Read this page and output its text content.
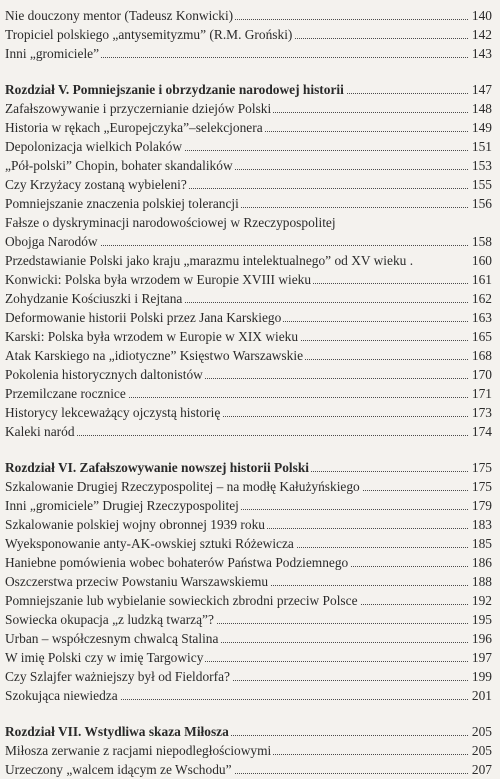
Nie douczony mentor (Tadeusz Konwicki)	140
Tropiciel polskiego „antysemityzmu” (R.M. Groński)	142
Inni „gromiciele”	143
Rozdział V. Pomniejszanie i obrzydzanie narodowej historii	147
Zafałszowywanie i przyczernianie dziejów Polski	148
Historia w rękach „Europejczyka”–selekcjonera	149
Depolonizacja wielkich Polaków	151
„Pół-polski” Chopin, bohater skandalików	153
Czy Krzyżacy zostaną wybieleni?	155
Pomniejszanie znaczenia polskiej tolerancji	156
Fałsze o dyskryminacji narodowościowej w Rzeczypospolitej
Obojga Narodów	158
Przedstawianie Polski jako kraju „marazmu intelektualnego” od XV wieku .	160
Konwicki: Polska była wrzodem w Europie XVIII wieku	161
Zohydzanie Kościuszki i Rejtana	162
Deformowanie historii Polski przez Jana Karskiego	163
Karski: Polska była wrzodem w Europie w XIX wieku	165
Atak Karskiego na „idiotyczne” Księstwo Warszawskie	168
Pokolenia historycznych daltonistów	170
Przemilczane rocznice	171
Historycy lekceważący ojczystą historię	173
Kaleki naród	174
Rozdział VI. Zafałszowywanie nowszej historii Polski	175
Szkalowanie Drugiej Rzeczypospolitej – na modłę Kałużyńskiego	175
Inni „gromiciele” Drugiej Rzeczypospolitej	179
Szkalowanie polskiej wojny obronnej 1939 roku	183
Wyeksponowanie anty-AK-owskiej sztuki Różewicza	185
Haniebne pomówienia wobec bohaterów Państwa Podziemnego	186
Oszczerstwa przeciw Powstaniu Warszawskiemu	188
Pomniejszanie lub wybielanie sowieckich zbrodni przeciw Polsce	192
Sowiecka okupacja „z ludzką twarzą”?	195
Urban – współczesnym chwalcą Stalina	196
W imię Polski czy w imię Targowicy	197
Czy Szlajfer ważniejszy był od Fieldorfa?	199
Szokująca niewiedza	201
Rozdział VII. Wstydliwa skaza Miłosza	205
Miłosza zerwanie z racjami niepodległościowymi	205
Urzeczony „walcem idącym ze Wschodu”	207
